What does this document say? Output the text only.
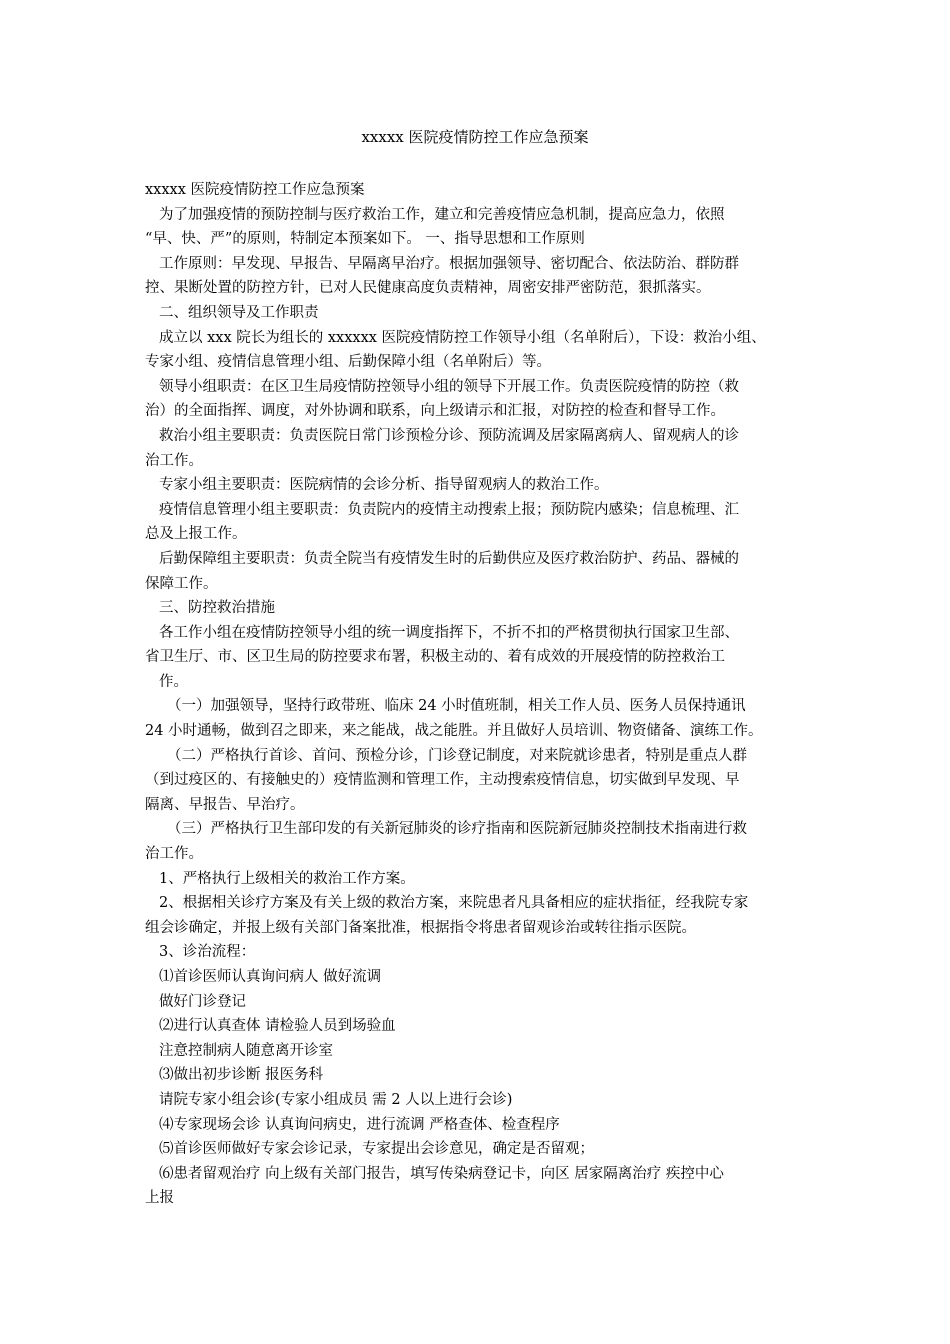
xxxxx 医院疫情防控工作应急预案
xxxxx 医院疫情防控工作应急预案
为了加强疫情的预防控制与医疗救治工作，建立和完善疫情应急机制，提高应急力，依照
“早、快、严”的原则，特制定本预案如下。 一、指导思想和工作原则
工作原则：早发现、早报告、早隔离早治疗。根据加强领导、密切配合、依法防治、群防群
控、果断处置的防控方针，已对人民健康高度负责精神，周密安排严密防范，狠抓落实。
二、组织领导及工作职责
成立以 xxx 院长为组长的 xxxxxx 医院疫情防控工作领导小组（名单附后），下设：救治小组、
专家小组、疫情信息管理小组、后勤保障小组（名单附后）等。
领导小组职责：在区卫生局疫情防控领导小组的领导下开展工作。负责医院疫情的防控（救
治）的全面指挥、调度，对外协调和联系，向上级请示和汇报，对防控的检查和督导工作。
救治小组主要职责：负责医院日常门诊预检分诊、预防流调及居家隔离病人、留观病人的诊
治工作。
专家小组主要职责：医院病情的会诊分析、指导留观病人的救治工作。
疫情信息管理小组主要职责：负责院内的疫情主动搜索上报；预防院内感染；信息梳理、汇
总及上报工作。
后勤保障组主要职责：负责全院当有疫情发生时的后勤供应及医疗救治防护、药品、器械的
保障工作。
三、防控救治措施
各工作小组在疫情防控领导小组的统一调度指挥下，不折不扣的严格贯彻执行国家卫生部、
省卫生厅、市、区卫生局的防控要求布署，积极主动的、着有成效的开展疫情的防控救治工
作。
（一）加强领导，坚持行政带班、临床 24 小时值班制，相关工作人员、医务人员保持通讯
24 小时通畅，做到召之即来，来之能战，战之能胜。并且做好人员培训、物资储备、演练工作。
（二）严格执行首诊、首问、预检分诊，门诊登记制度，对来院就诊患者，特别是重点人群
（到过疫区的、有接触史的）疫情监测和管理工作，主动搜索疫情信息，切实做到早发现、早
隔离、早报告、早治疗。
（三）严格执行卫生部印发的有关新冠肺炎的诊疗指南和医院新冠肺炎控制技术指南进行救
治工作。
1、严格执行上级相关的救治工作方案。
2、根据相关诊疗方案及有关上级的救治方案，来院患者凡具备相应的症状指征，经我院专家
组会诊确定，并报上级有关部门备案批准，根据指令将患者留观诊治或转往指示医院。
3、诊治流程：
⑴首诊医师认真询问病人 做好流调
做好门诊登记
⑵进行认真查体 请检验人员到场验血
注意控制病人随意离开诊室
⑶做出初步诊断 报医务科
请院专家小组会诊(专家小组成员 需 2 人以上进行会诊)
⑷专家现场会诊 认真询问病史，进行流调 严格查体、检查程序
⑸首诊医师做好专家会诊记录，专家提出会诊意见，确定是否留观；
⑹患者留观治疗 向上级有关部门报告，填写传染病登记卡，向区 居家隔离治疗 疾控中心
上报
